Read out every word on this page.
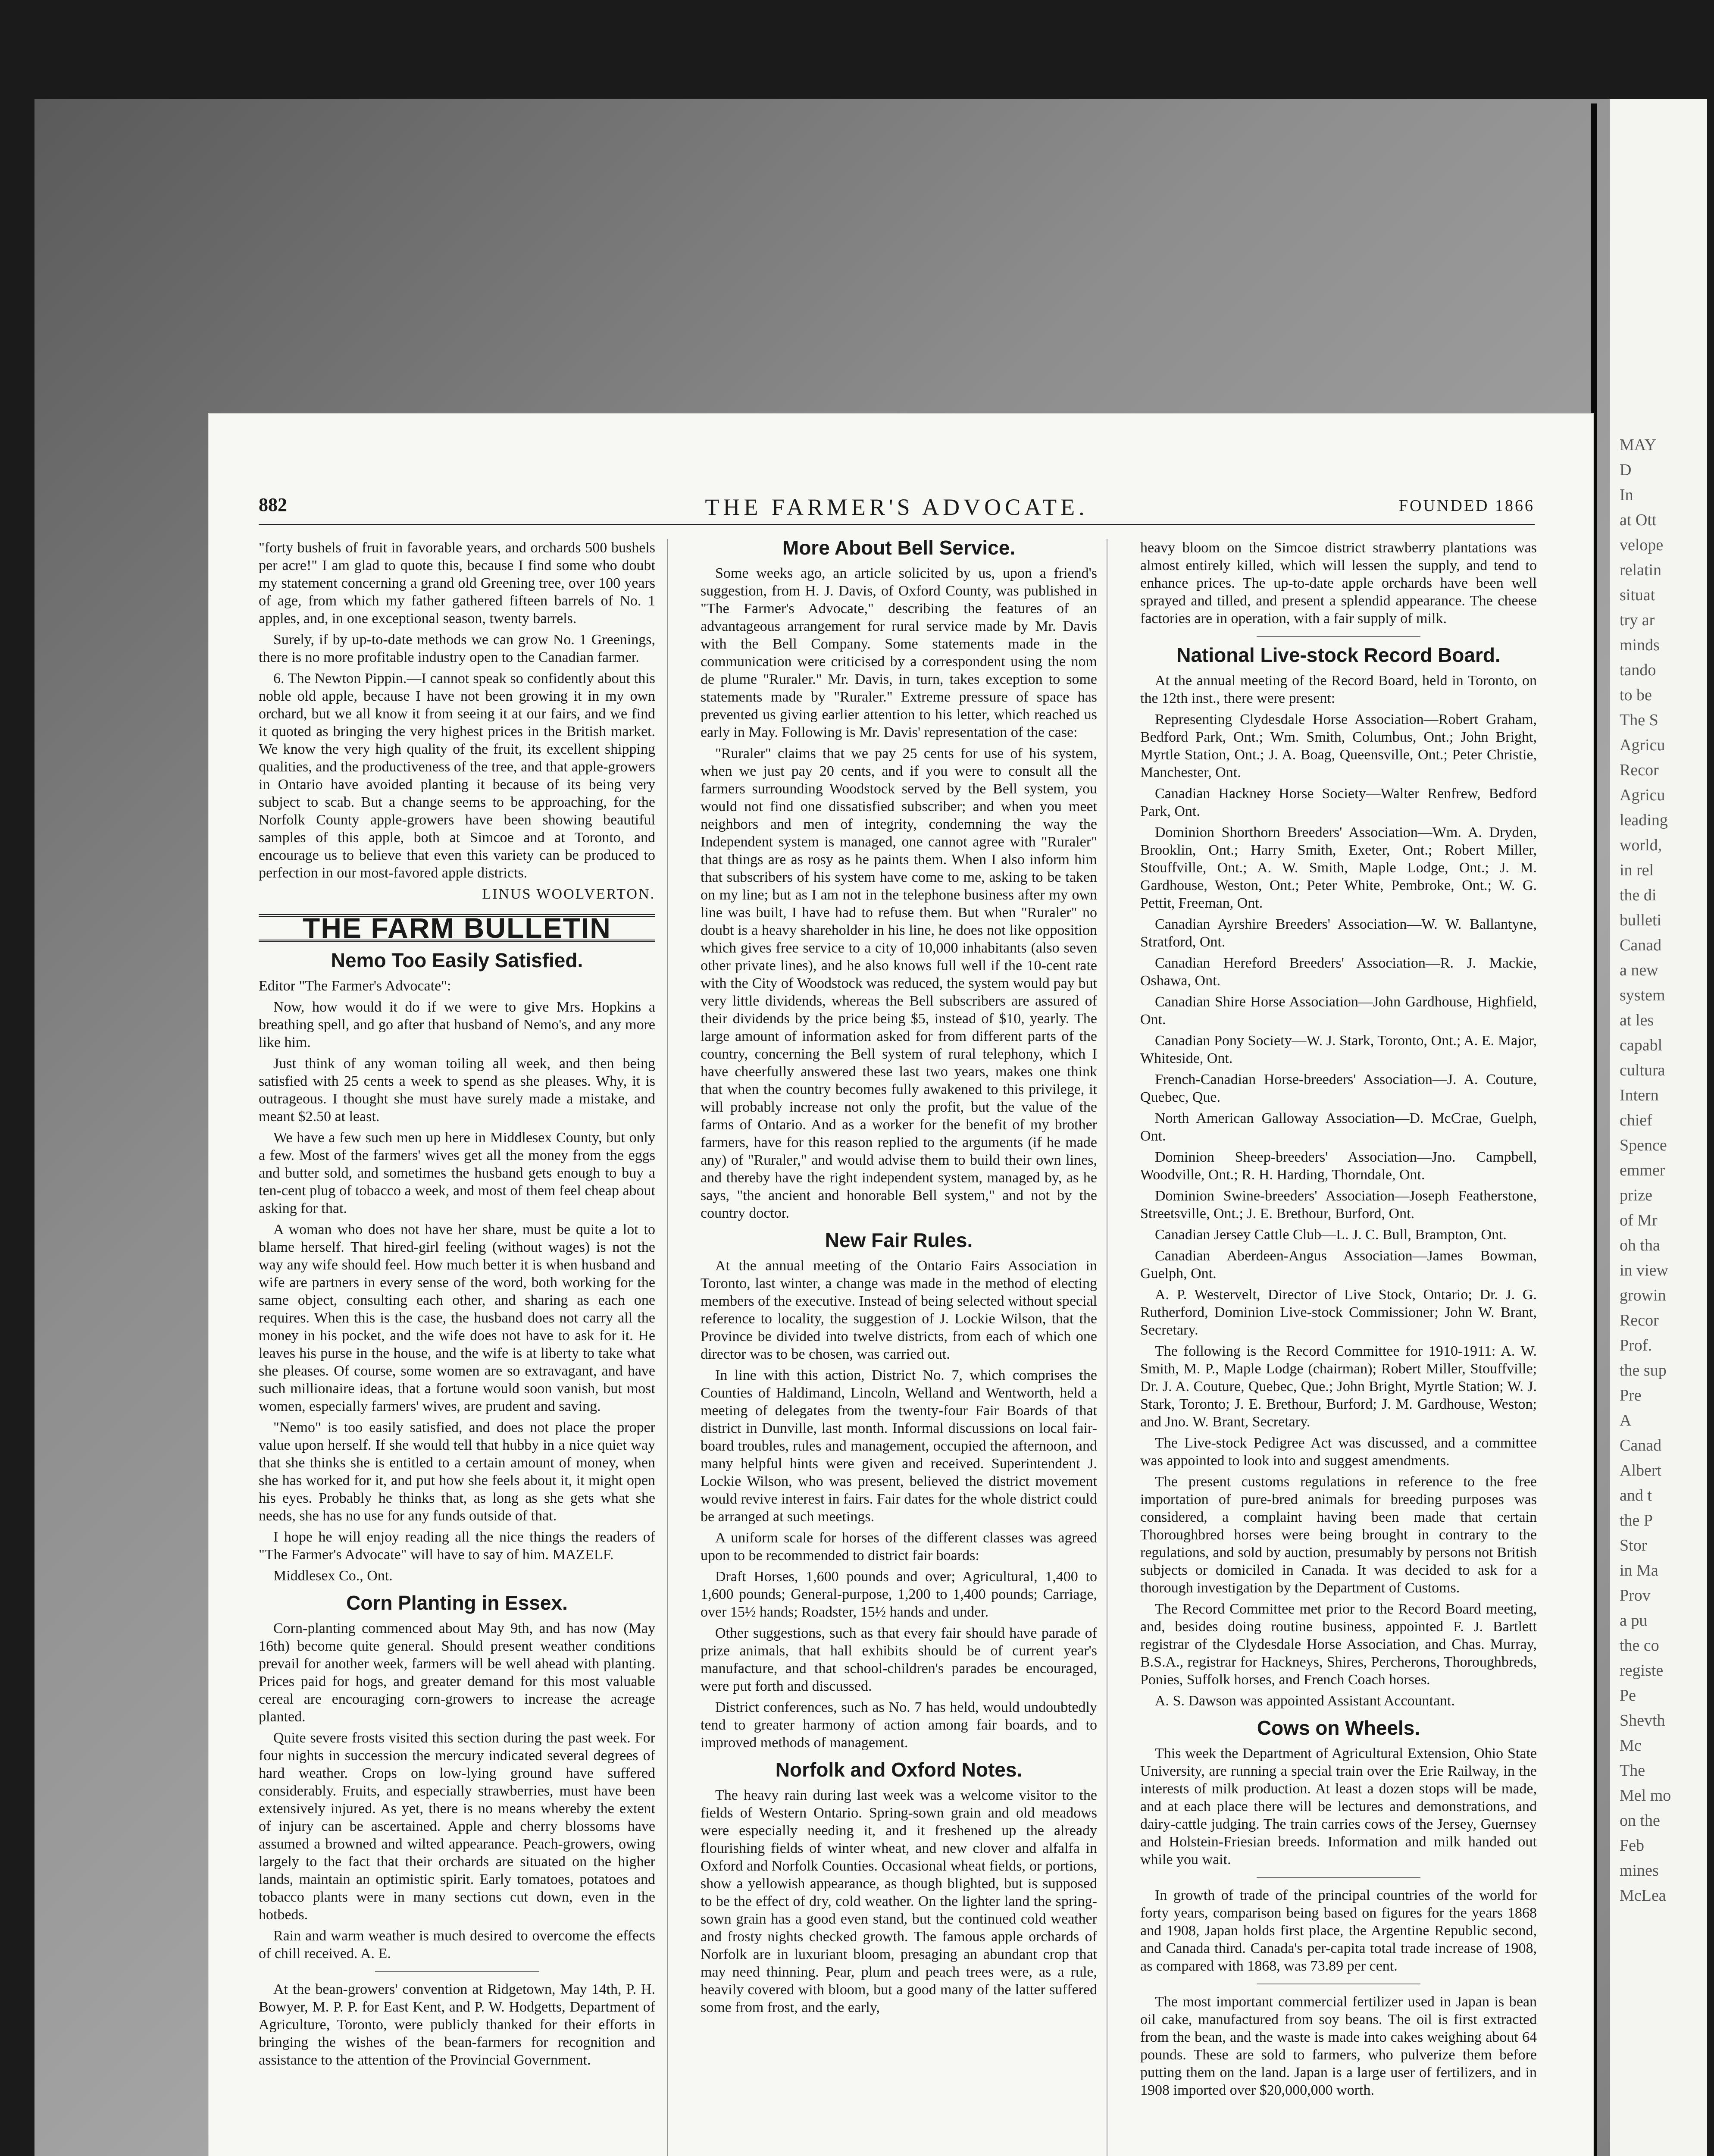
MAY
D
In
at Ott
velope
relatin
situat
try ar
minds
tando
to be
The S
Agricu
Recor
Agricu
leading
world,
in rel
the di
bulleti
Canad
a new
system
at les
capabl
cultura
Intern
chief
Spence
emmer
prize
of Mr
oh tha
in view
growin
Recor
Prof.
the sup
Pre
A
Canad
Albert
and t
the P
Stor
in Ma
Prov
a pu
the co
registe
Pe
Shevth
Mc
The
Mel mo
on the
Feb
mines
McLea
882	THE FARMER'S ADVOCATE.	FOUNDED 1866

"forty bushels of fruit in favorable years, and orchards 500 bushels per acre!" I am glad to quote this, because I find some who doubt my statement concerning a grand old Greening tree, over 100 years of age, from which my father gathered fifteen barrels of No. 1 apples, and, in one exceptional season, twenty barrels.

Surely, if by up-to-date methods we can grow No. 1 Greenings, there is no more profitable industry open to the Canadian farmer.

6. The Newton Pippin.—I cannot speak so confidently about this noble old apple, because I have not been growing it in my own orchard, but we all know it from seeing it at our fairs, and we find it quoted as bringing the very highest prices in the British market. We know the very high quality of the fruit, its excellent shipping qualities, and the productiveness of the tree, and that apple-growers in Ontario have avoided planting it because of its being very subject to scab. But a change seems to be approaching, for the Norfolk County apple-growers have been showing beautiful samples of this apple, both at Simcoe and at Toronto, and encourage us to believe that even this variety can be produced to perfection in our most-favored apple districts.

LINUS WOOLVERTON.

THE FARM BULLETIN
Nemo Too Easily Satisfied.

Editor "The Farmer's Advocate":

Now, how would it do if we were to give Mrs. Hopkins a breathing spell, and go after that husband of Nemo's, and any more like him.

Just think of any woman toiling all week, and then being satisfied with 25 cents a week to spend as she pleases. Why, it is outrageous. I thought she must have surely made a mistake, and meant $2.50 at least.

We have a few such men up here in Middlesex County, but only a few. Most of the farmers' wives get all the money from the eggs and butter sold, and sometimes the husband gets enough to buy a ten-cent plug of tobacco a week, and most of them feel cheap about asking for that.

A woman who does not have her share, must be quite a lot to blame herself. That hired-girl feeling (without wages) is not the way any wife should feel. How much better it is when husband and wife are partners in every sense of the word, both working for the same object, consulting each other, and sharing as each one requires. When this is the case, the husband does not carry all the money in his pocket, and the wife does not have to ask for it. He leaves his purse in the house, and the wife is at liberty to take what she pleases. Of course, some women are so extravagant, and have such millionaire ideas, that a fortune would soon vanish, but most women, especially farmers' wives, are prudent and saving.

"Nemo" is too easily satisfied, and does not place the proper value upon herself. If she would tell that hubby in a nice quiet way that she thinks she is entitled to a certain amount of money, when she has worked for it, and put how she feels about it, it might open his eyes. Probably he thinks that, as long as she gets what she needs, she has no use for any funds outside of that.

I hope he will enjoy reading all the nice things the readers of "The Farmer's Advocate" will have to say of him. MAZELF.

Middlesex Co., Ont.

Corn Planting in Essex.

Corn-planting commenced about May 9th, and has now (May 16th) become quite general. Should present weather conditions prevail for another week, farmers will be well ahead with planting. Prices paid for hogs, and greater demand for this most valuable cereal are encouraging corn-growers to increase the acreage planted.

Quite severe frosts visited this section during the past week. For four nights in succession the mercury indicated several degrees of hard weather. Crops on low-lying ground have suffered considerably. Fruits, and especially strawberries, must have been extensively injured. As yet, there is no means whereby the extent of injury can be ascertained. Apple and cherry blossoms have assumed a browned and wilted appearance. Peach-growers, owing largely to the fact that their orchards are situated on the higher lands, maintain an optimistic spirit. Early tomatoes, potatoes and tobacco plants were in many sections cut down, even in the hotbeds.

Rain and warm weather is much desired to overcome the effects of chill received. A. E.

At the bean-growers' convention at Ridgetown, May 14th, P. H. Bowyer, M. P. P. for East Kent, and P. W. Hodgetts, Department of Agriculture, Toronto, were publicly thanked for their efforts in bringing the wishes of the bean-farmers for recognition and assistance to the attention of the Provincial Government.

More About Bell Service.

Some weeks ago, an article solicited by us, upon a friend's suggestion, from H. J. Davis, of Oxford County, was published in "The Farmer's Advocate," describing the features of an advantageous arrangement for rural service made by Mr. Davis with the Bell Company. Some statements made in the communication were criticised by a correspondent using the nom de plume "Ruraler." Mr. Davis, in turn, takes exception to some statements made by "Ruraler." Extreme pressure of space has prevented us giving earlier attention to his letter, which reached us early in May. Following is Mr. Davis' representation of the case:

"Ruraler" claims that we pay 25 cents for use of his system, when we just pay 20 cents, and if you were to consult all the farmers surrounding Woodstock served by the Bell system, you would not find one dissatisfied subscriber; and when you meet neighbors and men of integrity, condemning the way the Independent system is managed, one cannot agree with "Ruraler" that things are as rosy as he paints them. When I also inform him that subscribers of his system have come to me, asking to be taken on my line; but as I am not in the telephone business after my own line was built, I have had to refuse them. But when "Ruraler" no doubt is a heavy shareholder in his line, he does not like opposition which gives free service to a city of 10,000 inhabitants (also seven other private lines), and he also knows full well if the 10-cent rate with the City of Woodstock was reduced, the system would pay but very little dividends, whereas the Bell subscribers are assured of their dividends by the price being $5, instead of $10, yearly. The large amount of information asked for from different parts of the country, concerning the Bell system of rural telephony, which I have cheerfully answered these last two years, makes one think that when the country becomes fully awakened to this privilege, it will probably increase not only the profit, but the value of the farms of Ontario. And as a worker for the benefit of my brother farmers, have for this reason replied to the arguments (if he made any) of "Ruraler," and would advise them to build their own lines, and thereby have the right independent system, managed by, as he says, "the ancient and honorable Bell system," and not by the country doctor.

New Fair Rules.

At the annual meeting of the Ontario Fairs Association in Toronto, last winter, a change was made in the method of electing members of the executive. Instead of being selected without special reference to locality, the suggestion of J. Lockie Wilson, that the Province be divided into twelve districts, from each of which one director was to be chosen, was carried out.

In line with this action, District No. 7, which comprises the Counties of Haldimand, Lincoln, Welland and Wentworth, held a meeting of delegates from the twenty-four Fair Boards of that district in Dunville, last month. Informal discussions on local fair-board troubles, rules and management, occupied the afternoon, and many helpful hints were given and received. Superintendent J. Lockie Wilson, who was present, believed the district movement would revive interest in fairs. Fair dates for the whole district could be arranged at such meetings.

A uniform scale for horses of the different classes was agreed upon to be recommended to district fair boards:

Draft Horses, 1,600 pounds and over; Agricultural, 1,400 to 1,600 pounds; General-purpose, 1,200 to 1,400 pounds; Carriage, over 15½ hands; Roadster, 15½ hands and under.

Other suggestions, such as that every fair should have parade of prize animals, that hall exhibits should be of current year's manufacture, and that school-children's parades be encouraged, were put forth and discussed.

District conferences, such as No. 7 has held, would undoubtedly tend to greater harmony of action among fair boards, and to improved methods of management.

Norfolk and Oxford Notes.

The heavy rain during last week was a welcome visitor to the fields of Western Ontario. Spring-sown grain and old meadows were especially needing it, and it freshened up the already flourishing fields of winter wheat, and new clover and alfalfa in Oxford and Norfolk Counties. Occasional wheat fields, or portions, show a yellowish appearance, as though blighted, but is supposed to be the effect of dry, cold weather. On the lighter land the spring-sown grain has a good even stand, but the continued cold weather and frosty nights checked growth. The famous apple orchards of Norfolk are in luxuriant bloom, presaging an abundant crop that may need thinning. Pear, plum and peach trees were, as a rule, heavily covered with bloom, but a good many of the latter suffered some from frost, and the early,

heavy bloom on the Simcoe district strawberry plantations was almost entirely killed, which will lessen the supply, and tend to enhance prices. The up-to-date apple orchards have been well sprayed and tilled, and present a splendid appearance. The cheese factories are in operation, with a fair supply of milk.

National Live-stock Record Board.

At the annual meeting of the Record Board, held in Toronto, on the 12th inst., there were present:

Representing Clydesdale Horse Association—Robert Graham, Bedford Park, Ont.; Wm. Smith, Columbus, Ont.; John Bright, Myrtle Station, Ont.; J. A. Boag, Queensville, Ont.; Peter Christie, Manchester, Ont.

Canadian Hackney Horse Society—Walter Renfrew, Bedford Park, Ont.

Dominion Shorthorn Breeders' Association—Wm. A. Dryden, Brooklin, Ont.; Harry Smith, Exeter, Ont.; Robert Miller, Stouffville, Ont.; A. W. Smith, Maple Lodge, Ont.; J. M. Gardhouse, Weston, Ont.; Peter White, Pembroke, Ont.; W. G. Pettit, Freeman, Ont.

Canadian Ayrshire Breeders' Association—W. W. Ballantyne, Stratford, Ont.

Canadian Hereford Breeders' Association—R. J. Mackie, Oshawa, Ont.

Canadian Shire Horse Association—John Gardhouse, Highfield, Ont.

Canadian Pony Society—W. J. Stark, Toronto, Ont.; A. E. Major, Whiteside, Ont.

French-Canadian Horse-breeders' Association—J. A. Couture, Quebec, Que.

North American Galloway Association—D. McCrae, Guelph, Ont.

Dominion Sheep-breeders' Association—Jno. Campbell, Woodville, Ont.; R. H. Harding, Thorndale, Ont.

Dominion Swine-breeders' Association—Joseph Featherstone, Streetsville, Ont.; J. E. Brethour, Burford, Ont.

Canadian Jersey Cattle Club—L. J. C. Bull, Brampton, Ont.

Canadian Aberdeen-Angus Association—James Bowman, Guelph, Ont.

A. P. Westervelt, Director of Live Stock, Ontario; Dr. J. G. Rutherford, Dominion Live-stock Commissioner; John W. Brant, Secretary.

The following is the Record Committee for 1910-1911: A. W. Smith, M. P., Maple Lodge (chairman); Robert Miller, Stouffville; Dr. J. A. Couture, Quebec, Que.; John Bright, Myrtle Station; W. J. Stark, Toronto; J. E. Brethour, Burford; J. M. Gardhouse, Weston; and Jno. W. Brant, Secretary.

The Live-stock Pedigree Act was discussed, and a committee was appointed to look into and suggest amendments.

The present customs regulations in reference to the free importation of pure-bred animals for breeding purposes was considered, a complaint having been made that certain Thoroughbred horses were being brought in contrary to the regulations, and sold by auction, presumably by persons not British subjects or domiciled in Canada. It was decided to ask for a thorough investigation by the Department of Customs.

The Record Committee met prior to the Record Board meeting, and, besides doing routine business, appointed F. J. Bartlett registrar of the Clydesdale Horse Association, and Chas. Murray, B.S.A., registrar for Hackneys, Shires, Percherons, Thoroughbreds, Ponies, Suffolk horses, and French Coach horses.

A. S. Dawson was appointed Assistant Accountant.

Cows on Wheels.

This week the Department of Agricultural Extension, Ohio State University, are running a special train over the Erie Railway, in the interests of milk production. At least a dozen stops will be made, and at each place there will be lectures and demonstrations, and dairy-cattle judging. The train carries cows of the Jersey, Guernsey and Holstein-Friesian breeds. Information and milk handed out while you wait.

In growth of trade of the principal countries of the world for forty years, comparison being based on figures for the years 1868 and 1908, Japan holds first place, the Argentine Republic second, and Canada third. Canada's per-capita total trade increase of 1908, as compared with 1868, was 73.89 per cent.

The most important commercial fertilizer used in Japan is bean oil cake, manufactured from soy beans. The oil is first extracted from the bean, and the waste is made into cakes weighing about 64 pounds. These are sold to farmers, who pulverize them before putting them on the land. Japan is a large user of fertilizers, and in 1908 imported over $20,000,000 worth.
